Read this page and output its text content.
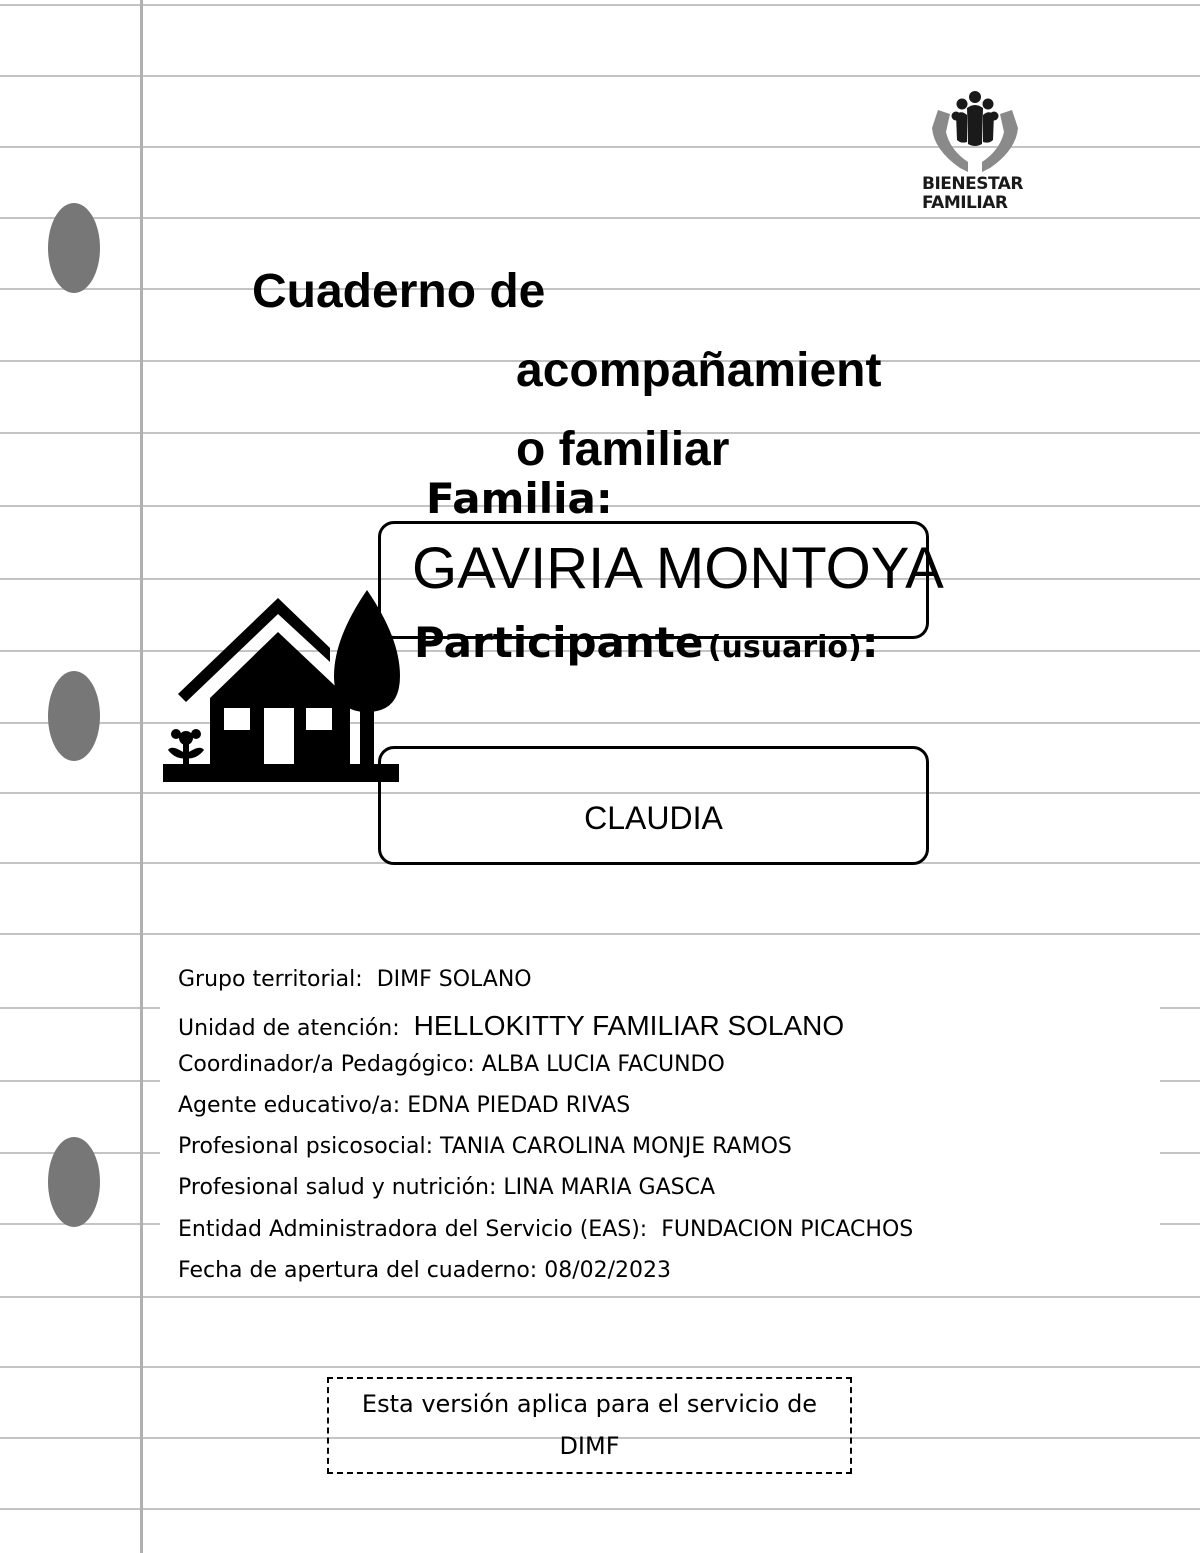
BIENESTAR
FAMILIAR
Cuaderno de
acompañamient
o familiar
Familia:
GAVIRIA MONTOYA
Participante (usuario):
CLAUDIA
Grupo territorial: DIMF SOLANO
Unidad de atención: HELLOKITTY FAMILIAR SOLANO
Coordinador/a Pedagógico: ALBA LUCIA FACUNDO
Agente educativo/a: EDNA PIEDAD RIVAS
Profesional psicosocial: TANIA CAROLINA MONJE RAMOS
Profesional salud y nutrición: LINA MARIA GASCA
Entidad Administradora del Servicio (EAS): FUNDACION PICACHOS
Fecha de apertura del cuaderno: 08/02/2023
Esta versión aplica para el servicio de
DIMF
